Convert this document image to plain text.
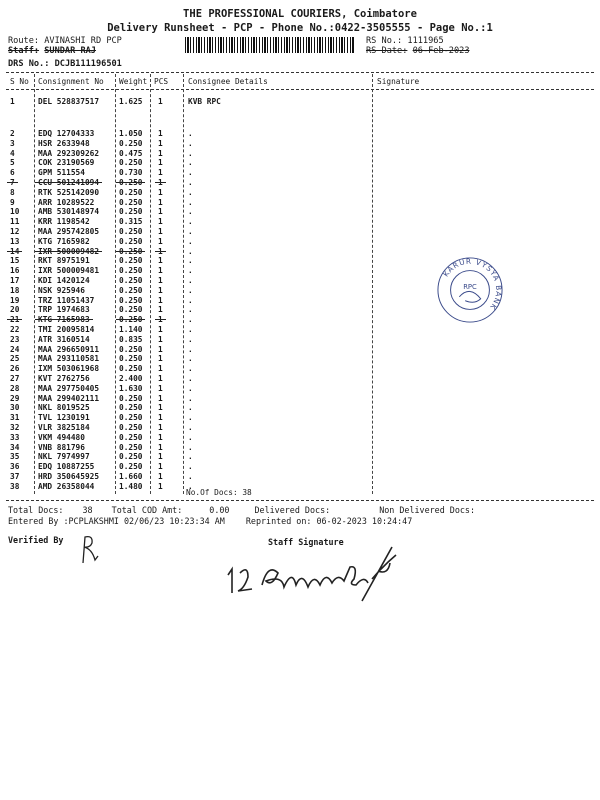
THE PROFESSIONAL COURIERS, Coimbatore
Delivery Runsheet - PCP - Phone No.:0422-3505555 - Page No.:1
Route: AVINASHI RD PCP
Staff: SUNDAR RAJ
DRS No.: DCJB111196501
RS No.: 1111965
RS Date: 06-Feb-2023
S No Consignment No Weight PCS	Consignee Details	Signature
1	DEL 528837517	1.625 1	KVB RPC
2	EDQ 12704333	1.050 1	.
3	HSR 2633948	0.250 1	.
4	MAA 292309262	0.475 1	.
5	COK 23190569	0.250 1	.
6	GPM 511554	0.730 1	.
7	CCU 501241094	0.250 1	.
8	RTK 525142090	0.250 1	.
9	ARR 10289522	0.250 1	.
10 AMB 530148974	0.250 1	.
11 KRR 1198542	0.315 1	.
12 MAA 295742805	0.250 1	.
13 KTG 7165982	0.250 1	.
14 IXR 500009482	0.250 1	.
15 RKT 8975191	0.250 1	.
16 IXR 500009481	0.250 1	.
17 KDI 1420124	0.250 1	.
18 NSK 925946	0.250 1	.
19 TRZ 11051437	0.250 1	.
20 TRP 1974683	0.250 1	.
21 KTG 7165983	0.250 1	.
22 TMI 20095814	1.140 1	.
23 ATR 3160514	0.835 1	.
24 MAA 296650911	0.250 1	.
25 MAA 293110581	0.250 1	.
26 IXM 503061968	0.250 1	.
27 KVT 2762756	2.400 1	.
28 MAA 297750405	1.630 1	.
29 MAA 299402111	0.250 1	.
30 NKL 8019525	0.250 1	.
31 TVL 1230191	0.250 1	.
32 VLR 3825184	0.250 1	.
33 VKM 494480	0.250 1	.
34 VNB 881796	0.250 1	.
35 NKL 7974997	0.250 1	.
36 EDQ 10887255	0.250 1	.
37 HRD 350645925	1.660 1	.
38 AMD 26358044	1.480 1	.
No.Of Docs: 38
Total Docs: 38 Total COD Amt:	0.00	Delivered Docs:	Non Delivered Docs:
Entered By :PCPLAKSHMI 02/06/23 10:23:34 AM	Reprinted on: 06-02-2023 10:24:47
Verified By	Staff Signature
KARUR VYSYA BANK
RPC
